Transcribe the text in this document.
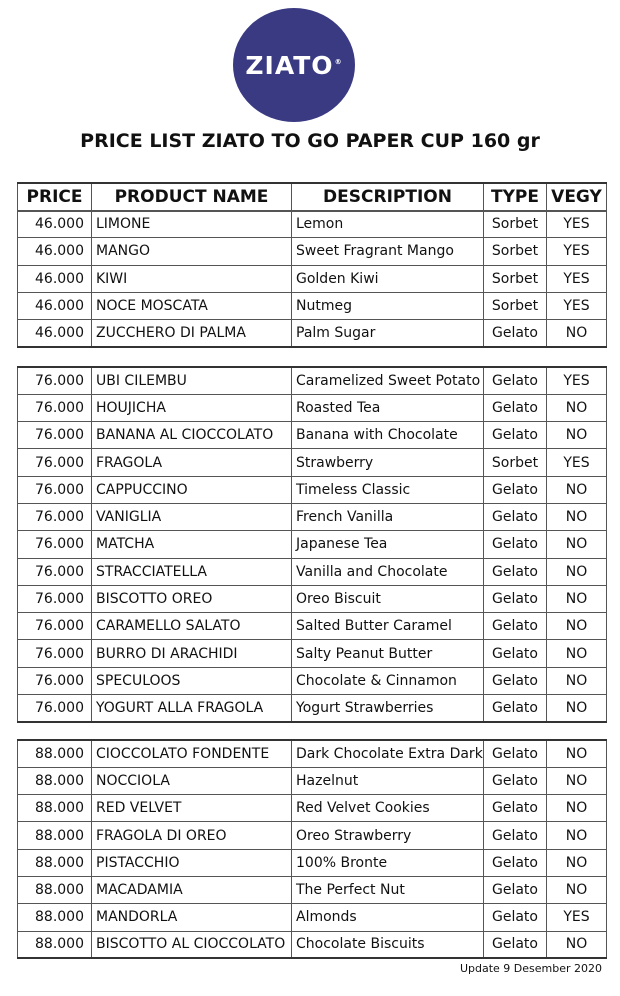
ZIATO®
PRICE LIST ZIATO TO GO PAPER CUP 160 gr
PRICE	PRODUCT NAME	DESCRIPTION	TYPE	VEGY
46.000	LIMONE	Lemon	Sorbet	YES
46.000	MANGO	Sweet Fragrant Mango	Sorbet	YES
46.000	KIWI	Golden Kiwi	Sorbet	YES
46.000	NOCE MOSCATA	Nutmeg	Sorbet	YES
46.000	ZUCCHERO DI PALMA	Palm Sugar	Gelato	NO
76.000	UBI CILEMBU	Caramelized Sweet Potato	Gelato	YES
76.000	HOUJICHA	Roasted Tea	Gelato	NO
76.000	BANANA AL CIOCCOLATO	Banana with Chocolate	Gelato	NO
76.000	FRAGOLA	Strawberry	Sorbet	YES
76.000	CAPPUCCINO	Timeless Classic	Gelato	NO
76.000	VANIGLIA	French Vanilla	Gelato	NO
76.000	MATCHA	Japanese Tea	Gelato	NO
76.000	STRACCIATELLA	Vanilla and Chocolate	Gelato	NO
76.000	BISCOTTO OREO	Oreo Biscuit	Gelato	NO
76.000	CARAMELLO SALATO	Salted Butter Caramel	Gelato	NO
76.000	BURRO DI ARACHIDI	Salty Peanut Butter	Gelato	NO
76.000	SPECULOOS	Chocolate & Cinnamon	Gelato	NO
76.000	YOGURT ALLA FRAGOLA	Yogurt Strawberries	Gelato	NO
88.000	CIOCCOLATO FONDENTE	Dark Chocolate Extra Dark	Gelato	NO
88.000	NOCCIOLA	Hazelnut	Gelato	NO
88.000	RED VELVET	Red Velvet Cookies	Gelato	NO
88.000	FRAGOLA DI OREO	Oreo Strawberry	Gelato	NO
88.000	PISTACCHIO	100% Bronte	Gelato	NO
88.000	MACADAMIA	The Perfect Nut	Gelato	NO
88.000	MANDORLA	Almonds	Gelato	YES
88.000	BISCOTTO AL CIOCCOLATO	Chocolate Biscuits	Gelato	NO
Update 9 Desember 2020
